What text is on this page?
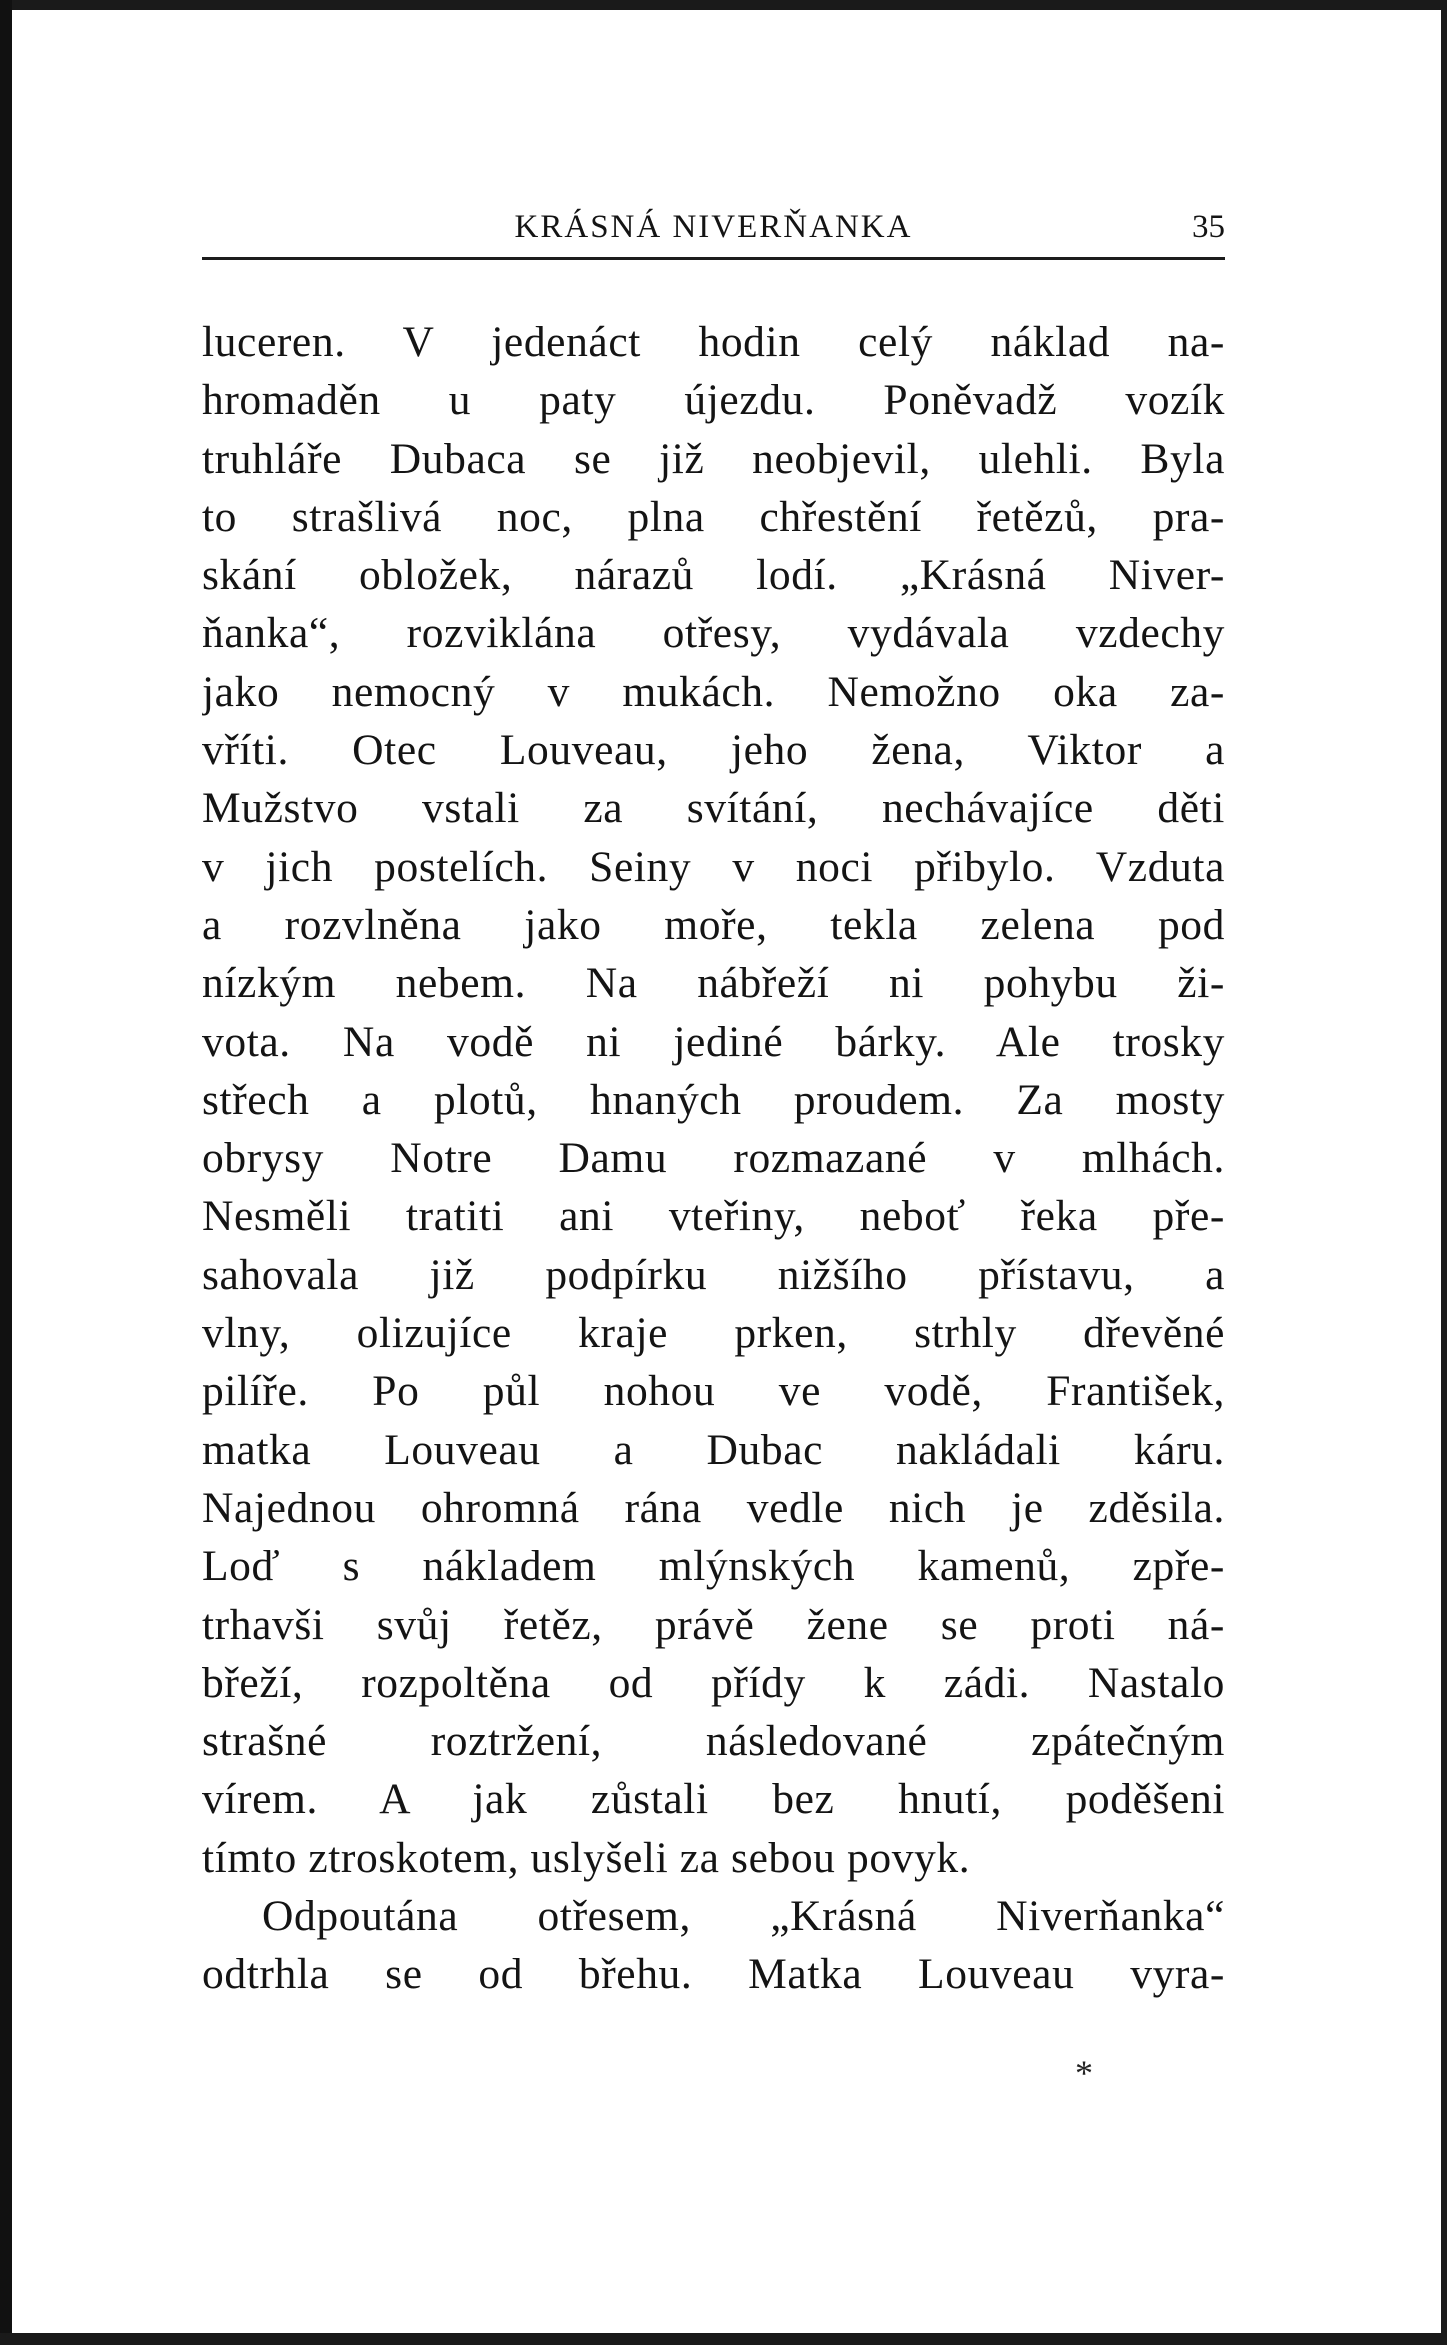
KRÁSNÁ NIVERŇANKA	35
luceren. V jedenáct hodin celý náklad na-
hromaděn u paty újezdu. Poněvadž vozík
truhláře Dubaca se již neobjevil, ulehli. Byla
to strašlivá noc, plna chřestění řetězů, pra-
skání obložek, nárazů lodí. „Krásná Niver-
ňanka“, rozviklána otřesy, vydávala vzdechy
jako nemocný v mukách. Nemožno oka za-
vříti. Otec Louveau, jeho žena, Viktor a
Mužstvo vstali za svítání, nechávajíce děti
v jich postelích. Seiny v noci přibylo. Vzduta
a rozvlněna jako moře, tekla zelena pod
nízkým nebem. Na nábřeží ni pohybu ži-
vota. Na vodě ni jediné bárky. Ale trosky
střech a plotů, hnaných proudem. Za mosty
obrysy Notre Damu rozmazané v mlhách.
Nesměli tratiti ani vteřiny, neboť řeka pře-
sahovala již podpírku nižšího přístavu, a
vlny, olizujíce kraje prken, strhly dřevěné
pilíře. Po půl nohou ve vodě, František,
matka Louveau a Dubac nakládali káru.
Najednou ohromná rána vedle nich je zděsila.
Loď s nákladem mlýnských kamenů, zpře-
trhavši svůj řetěz, právě žene se proti ná-
břeží, rozpoltěna od přídy k zádi. Nastalo
strašné roztržení, následované zpátečným
vírem. A jak zůstali bez hnutí, poděšeni
tímto ztroskotem, uslyšeli za sebou povyk.
Odpoutána otřesem, „Krásná Niverňanka“
odtrhla se od břehu. Matka Louveau vyra-
*
